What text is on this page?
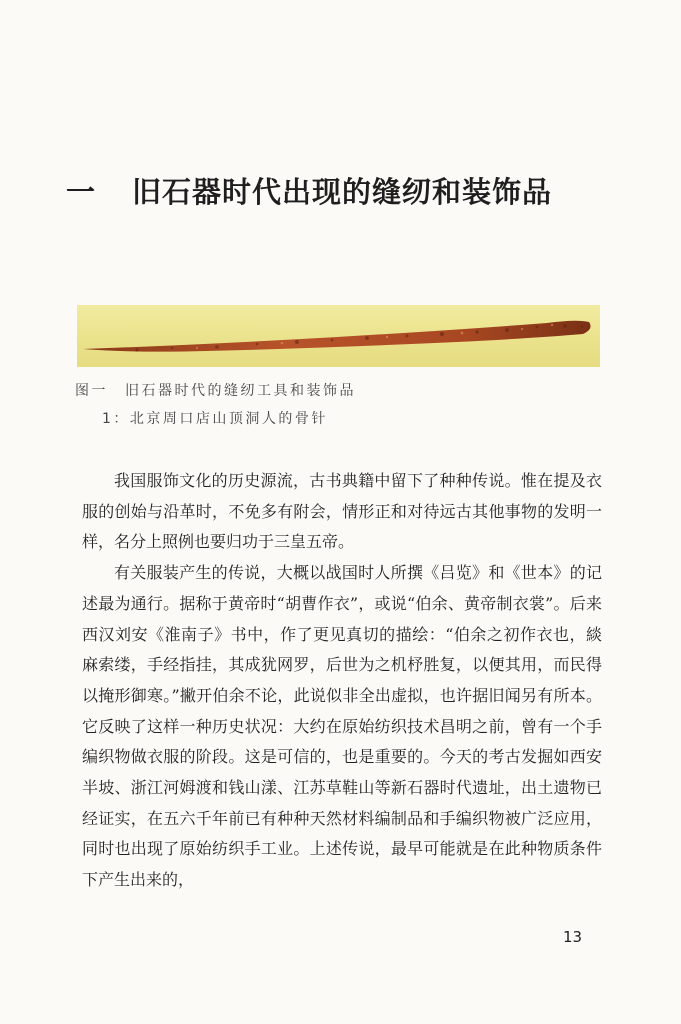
一 旧石器时代出现的缝纫和装饰品
图一 旧石器时代的缝纫工具和装饰品
1：北京周口店山顶洞人的骨针

我国服饰文化的历史源流，古书典籍中留下了种种传说。惟在提及衣服的创始与沿革时，不免多有附会，情形正和对待远古其他事物的发明一样，名分上照例也要归功于三皇五帝。

有关服装产生的传说，大概以战国时人所撰《吕览》和《世本》的记述最为通行。据称于黄帝时“胡曹作衣”，或说“伯余、黄帝制衣裳”。后来西汉刘安《淮南子》书中，作了更见真切的描绘：“伯余之初作衣也，緂麻索缕，手经指挂，其成犹网罗，后世为之机杼胜复，以便其用，而民得以掩形御寒。”撇开伯余不论，此说似非全出虚拟，也许据旧闻另有所本。它反映了这样一种历史状况：大约在原始纺织技术昌明之前，曾有一个手编织物做衣服的阶段。这是可信的，也是重要的。今天的考古发掘如西安半坡、浙江河姆渡和钱山漾、江苏草鞋山等新石器时代遗址，出土遗物已经证实，在五六千年前已有种种天然材料编制品和手编织物被广泛应用，同时也出现了原始纺织手工业。上述传说，最早可能就是在此种物质条件下产生出来的，

13
